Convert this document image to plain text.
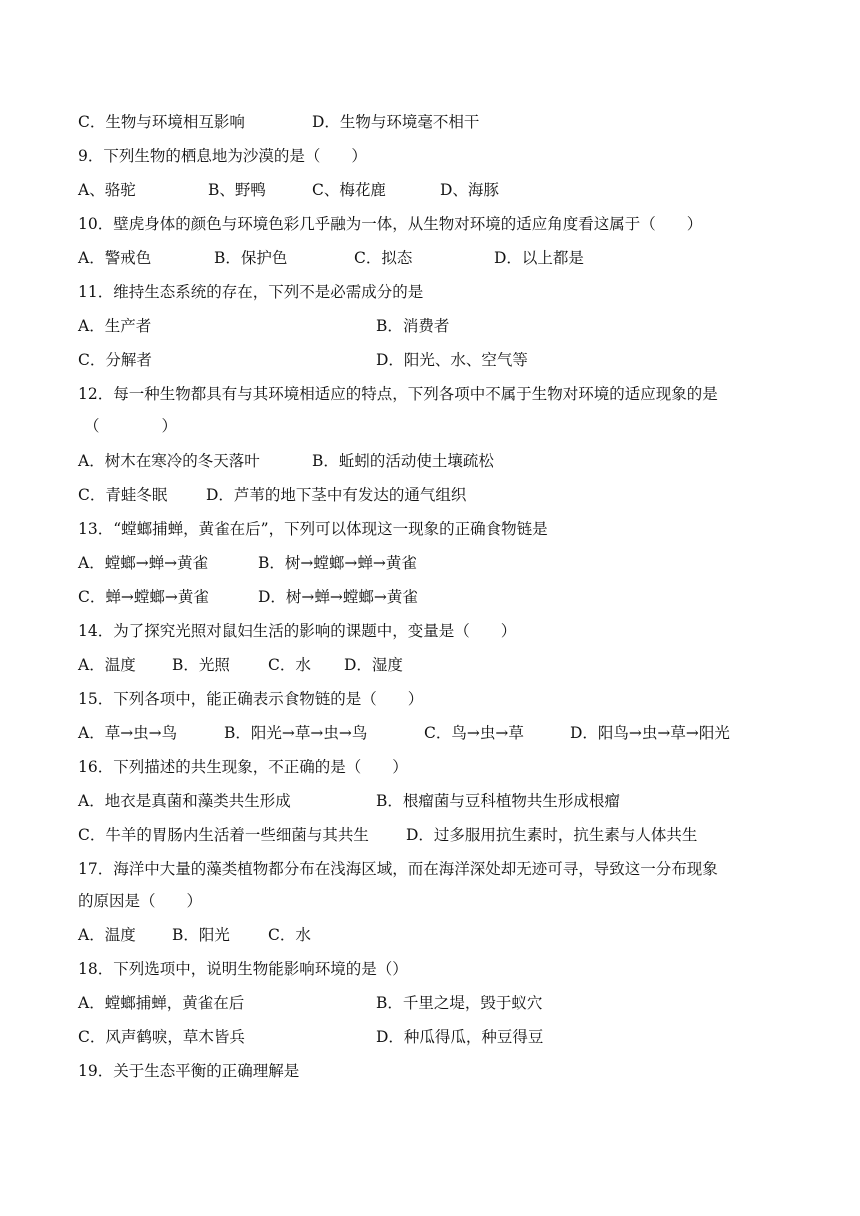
C．生物与环境相互影响	D．生物与环境毫不相干
9．下列生物的栖息地为沙漠的是（　　）
A、骆驼	B、野鸭	C、梅花鹿	D、海豚
10．壁虎身体的颜色与环境色彩几乎融为一体，从生物对环境的适应角度看这属于（　　）
A．警戒色	B．保护色	C．拟态	D．以上都是
11．维持生态系统的存在，下列不是必需成分的是
A．生产者	B．消费者
C．分解者	D．阳光、水、空气等
12．每一种生物都具有与其环境相适应的特点，下列各项中不属于生物对环境的适应现象的是
（　　　　）
A．树木在寒冷的冬天落叶	B．蚯蚓的活动使土壤疏松
C．青蛙冬眠 D．芦苇的地下茎中有发达的通气组织
13．“螳螂捕蝉，黄雀在后”，下列可以体现这一现象的正确食物链是
A．螳螂→蝉→黄雀	B．树→螳螂→蝉→黄雀
C．蝉→螳螂→黄雀	D．树→蝉→螳螂→黄雀
14．为了探究光照对鼠妇生活的影响的课题中，变量是（　　）
A．温度 B．光照 C．水 D．湿度
15．下列各项中，能正确表示食物链的是（　　）
A．草→虫→鸟	B．阳光→草→虫→鸟	C．鸟→虫→草	D．阳鸟→虫→草→阳光
16．下列描述的共生现象，不正确的是（　　）
A．地衣是真菌和藻类共生形成	B．根瘤菌与豆科植物共生形成根瘤
C．牛羊的胃肠内生活着一些细菌与其共生 D．过多服用抗生素时，抗生素与人体共生
17．海洋中大量的藻类植物都分布在浅海区域，而在海洋深处却无迹可寻，导致这一分布现象
的原因是（　　）
A．温度 B．阳光 C．水
18．下列选项中，说明生物能影响环境的是（）
A．螳螂捕蝉，黄雀在后	B．千里之堤，毁于蚁穴
C．风声鹤唳，草木皆兵	D．种瓜得瓜，种豆得豆
19．关于生态平衡的正确理解是
